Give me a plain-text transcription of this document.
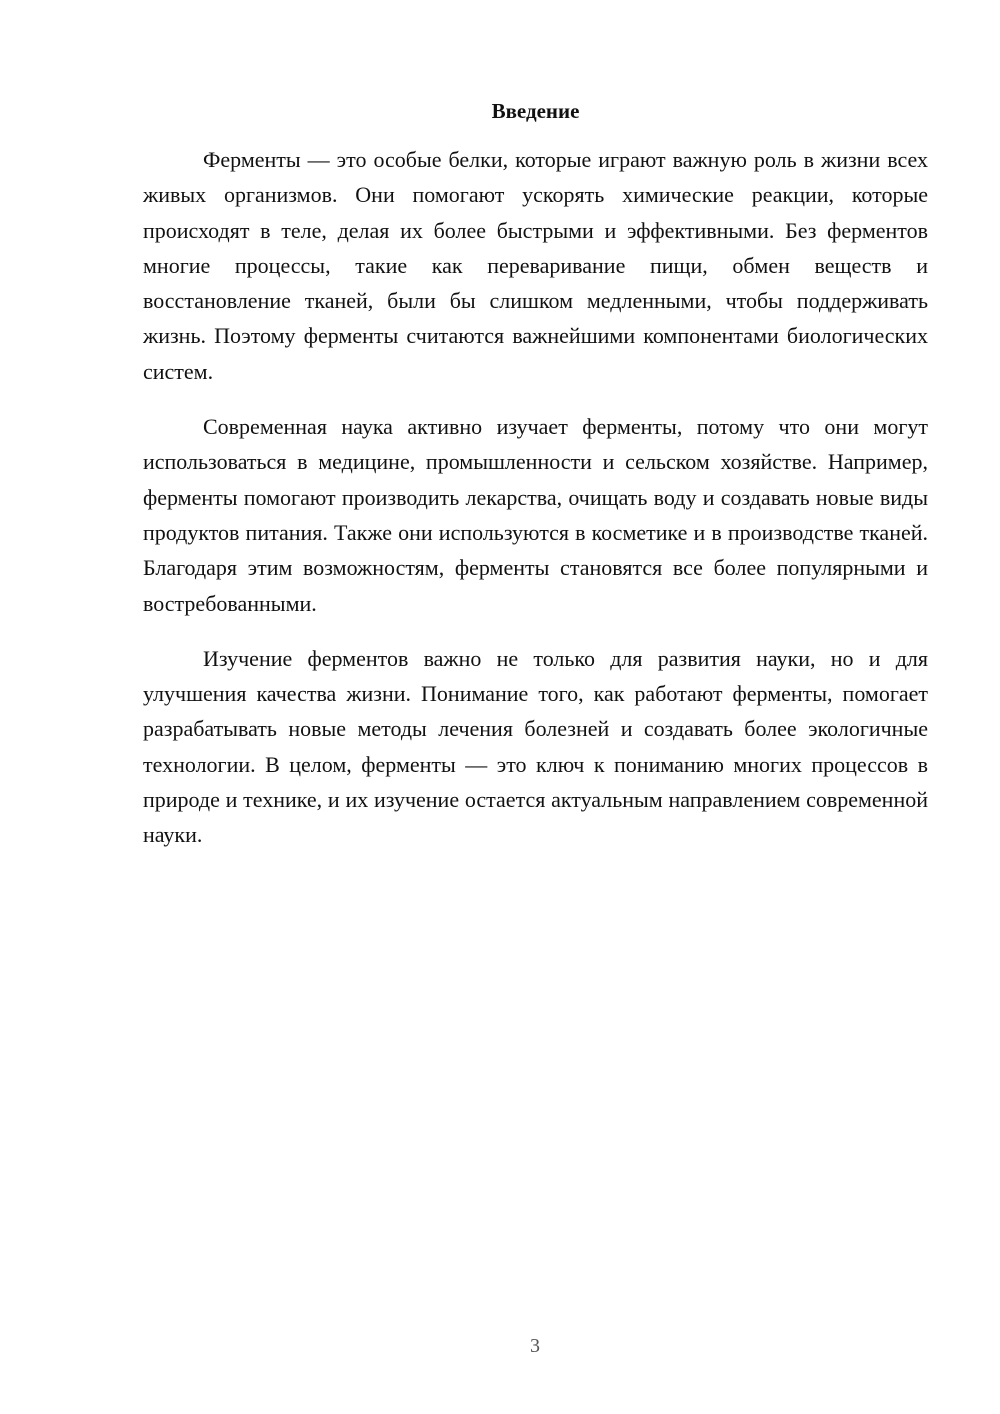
Введение

Ферменты — это особые белки, которые играют важную роль в жизни всех живых организмов. Они помогают ускорять химические реакции, которые происходят в теле, делая их более быстрыми и эффективными. Без ферментов многие процессы, такие как переваривание пищи, обмен веществ и восстановление тканей, были бы слишком медленными, чтобы поддерживать жизнь. Поэтому ферменты считаются важнейшими компонентами биологических систем.

Современная наука активно изучает ферменты, потому что они могут использоваться в медицине, промышленности и сельском хозяйстве. Например, ферменты помогают производить лекарства, очищать воду и создавать новые виды продуктов питания. Также они используются в косметике и в производстве тканей. Благодаря этим возможностям, ферменты становятся все более популярными и востребованными.

Изучение ферментов важно не только для развития науки, но и для улучшения качества жизни. Понимание того, как работают ферменты, помогает разрабатывать новые методы лечения болезней и создавать более экологичные технологии. В целом, ферменты — это ключ к пониманию многих процессов в природе и технике, и их изучение остается актуальным направлением современной науки.

3
